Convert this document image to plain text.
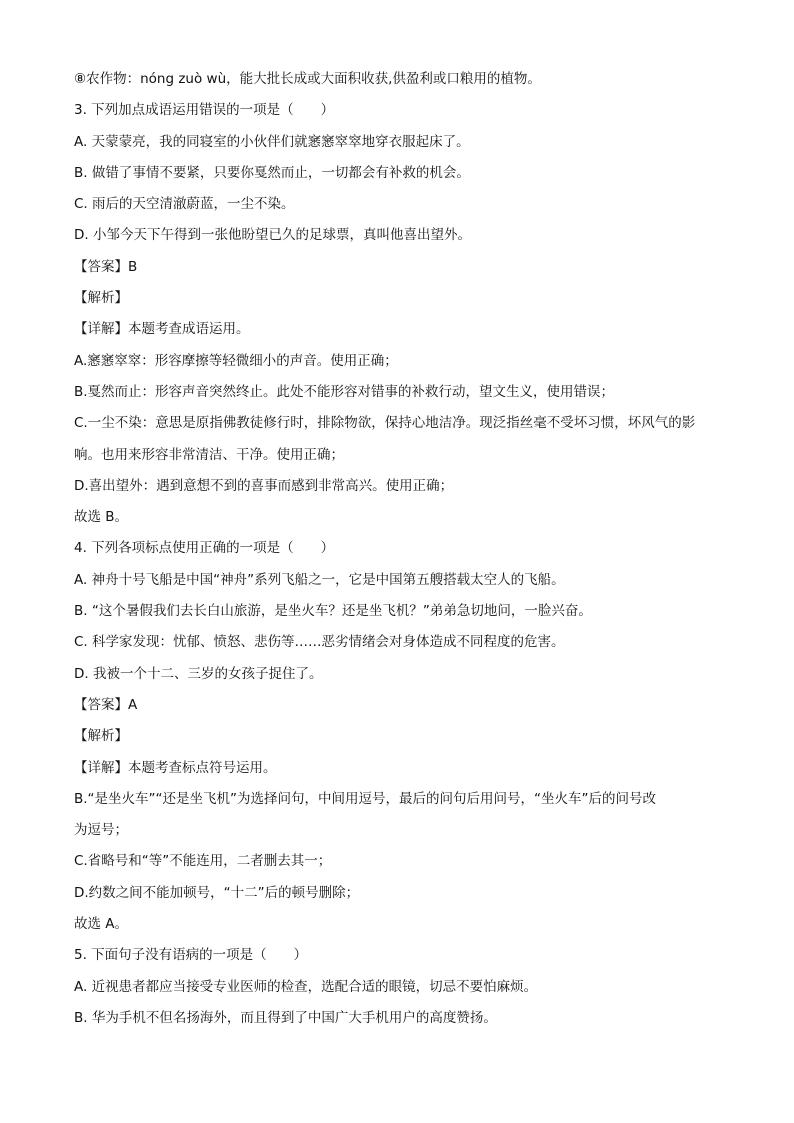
⑧农作物：nóng zuò wù，能大批长成或大面积收获,供盈利或口粮用的植物。
3. 下列加点成语运用错误的一项是（　　）
A. 天蒙蒙亮，我的同寝室的小伙伴们就窸窸窣窣地穿衣服起床了。
B. 做错了事情不要紧，只要你戛然而止，一切都会有补救的机会。
C. 雨后的天空清澈蔚蓝，一尘不染。
D. 小邹今天下午得到一张他盼望已久的足球票，真叫他喜出望外。
【答案】B
【解析】
【详解】本题考查成语运用。
A.窸窸窣窣：形容摩擦等轻微细小的声音。使用正确；
B.戛然而止：形容声音突然终止。此处不能形容对错事的补救行动，望文生义，使用错误；
C.一尘不染：意思是原指佛教徒修行时，排除物欲，保持心地洁净。现泛指丝毫不受坏习惯，坏风气的影
响。也用来形容非常清洁、干净。使用正确；
D.喜出望外：遇到意想不到的喜事而感到非常高兴。使用正确；
故选 B。
4. 下列各项标点使用正确的一项是（　　）
A. 神舟十号飞船是中国“神舟”系列飞船之一，它是中国第五艘搭载太空人的飞船。
B. “这个暑假我们去长白山旅游，是坐火车？还是坐飞机？”弟弟急切地问，一脸兴奋。
C. 科学家发现：忧郁、愤怒、悲伤等……恶劣情绪会对身体造成不同程度的危害。
D. 我被一个十二、三岁的女孩子捉住了。
【答案】A
【解析】
【详解】本题考查标点符号运用。
B.“是坐火车”“还是坐飞机”为选择问句，中间用逗号，最后的问句后用问号，“坐火车”后的问号改
为逗号；
C.省略号和“等”不能连用，二者删去其一；
D.约数之间不能加顿号，“十二”后的顿号删除；
故选 A。
5. 下面句子没有语病的一项是（　　）
A. 近视患者都应当接受专业医师的检查，选配合适的眼镜，切忌不要怕麻烦。
B. 华为手机不但名扬海外，而且得到了中国广大手机用户的高度赞扬。
